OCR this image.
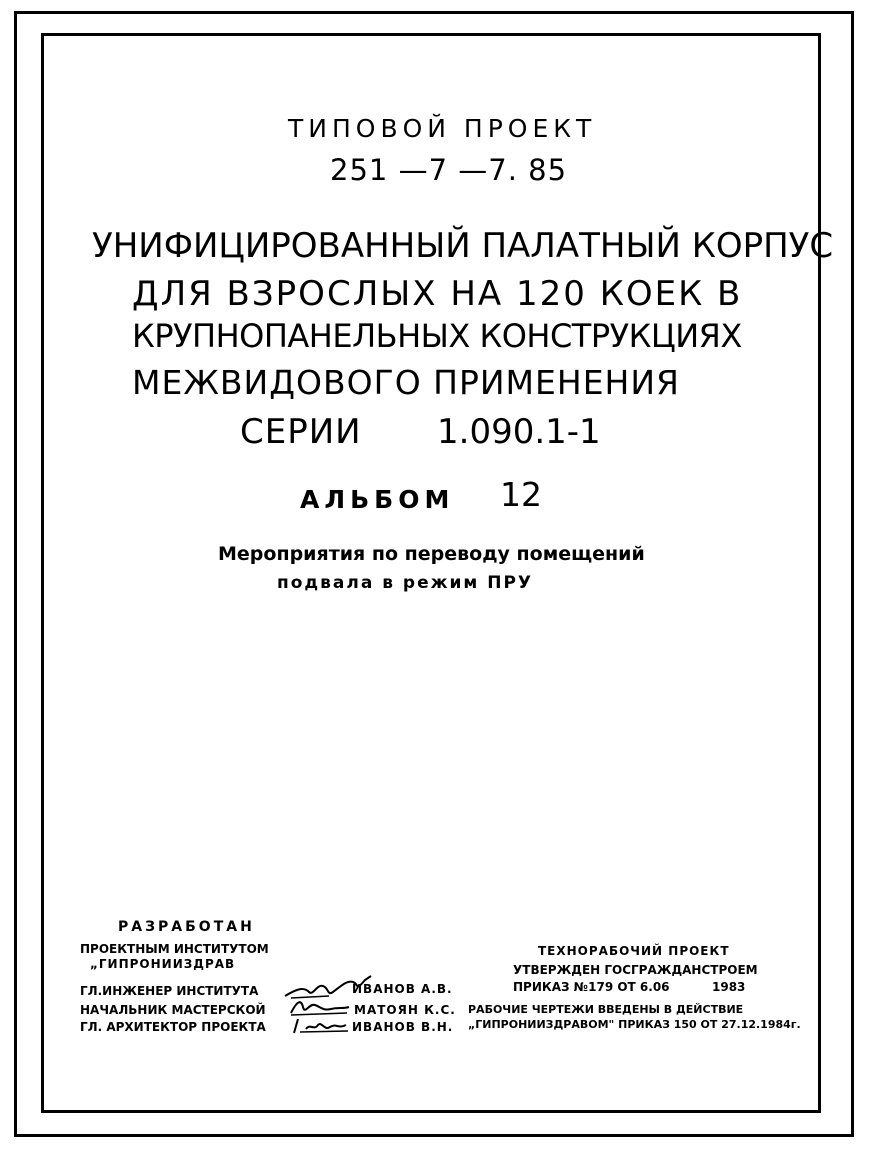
ТИПОВОЙ ПРОЕКТ
251 —7 —7. 85
УНИФИЦИРОВАННЫЙ ПАЛАТНЫЙ КОРПУС
ДЛЯ ВЗРОСЛЫХ НА 120 КОЕК В
КРУПНОПАНЕЛЬНЫХ КОНСТРУКЦИЯХ
МЕЖВИДОВОГО ПРИМЕНЕНИЯ
СЕРИИ 1.090.1-1
АЛЬБОМ 12
Мероприятия по переводу помещений
подвала в режим ПРУ
РАЗРАБОТАН
ПРОЕКТНЫМ ИНСТИТУТОМ
„ГИПРОНИИЗДРАВ
ГЛ.ИНЖЕНЕР ИНСТИТУТА	ИВАНОВ А.В.
НАЧАЛЬНИК МАСТЕРСКОЙ	МАТОЯН К.С.
ГЛ. АРХИТЕКТОР ПРОЕКТА	ИВАНОВ В.Н.
ТЕХНОРАБОЧИЙ ПРОЕКТ
УТВЕРЖДЕН ГОСГРАЖДАНСТРОЕМ
ПРИКАЗ №179 ОТ 6.06	1983
РАБОЧИЕ ЧЕРТЕЖИ ВВЕДЕНЫ В ДЕЙСТВИЕ
„ГИПРОНИИЗДРАВОМ" ПРИКАЗ 150 ОТ 27.12.1984г.
